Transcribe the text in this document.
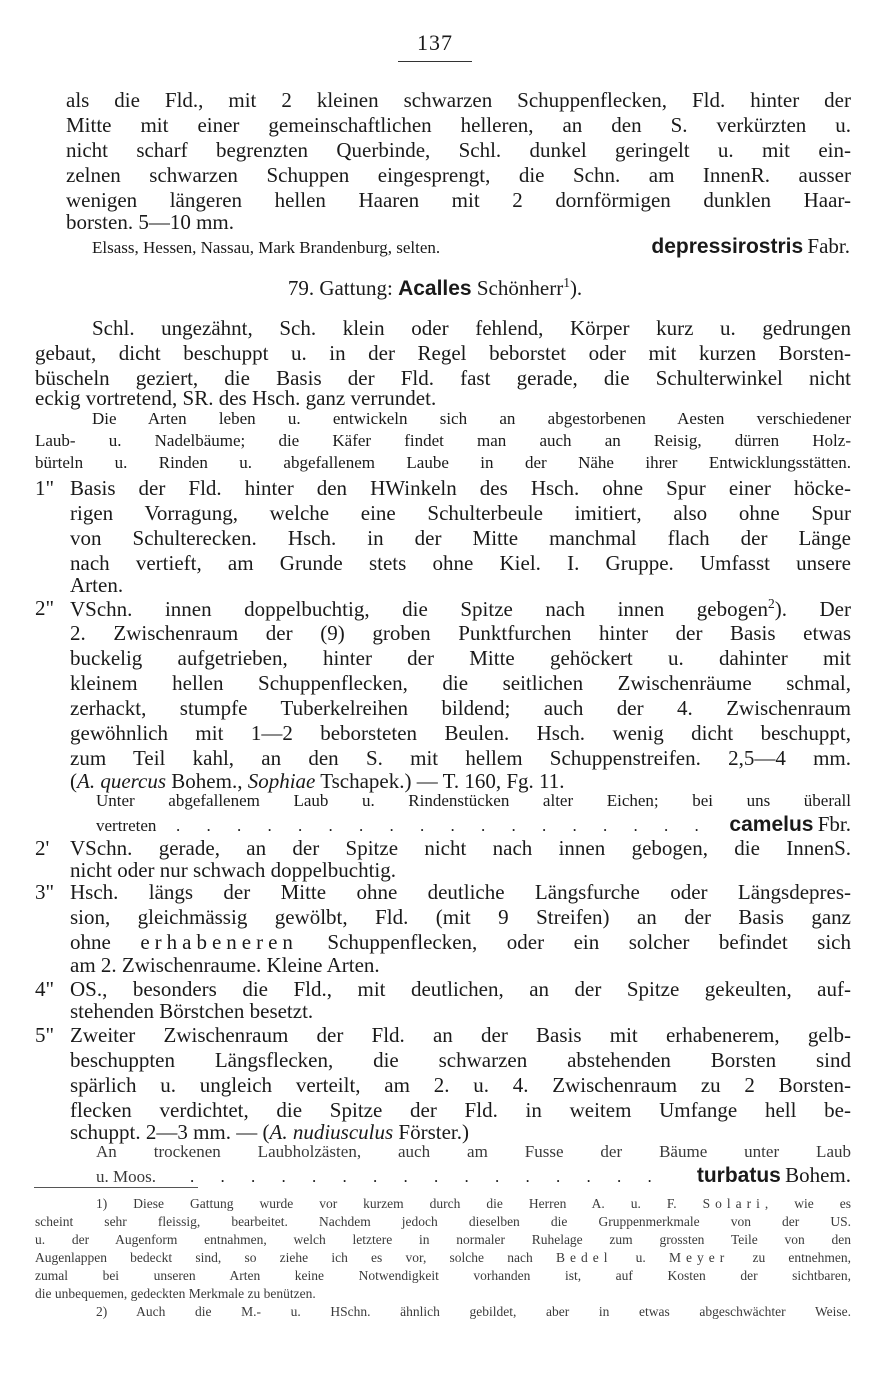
137
als die Fld., mit 2 kleinen schwarzen Schuppenflecken, Fld. hinter der
Mitte mit einer gemeinschaftlichen helleren, an den S. verkürzten u.
nicht scharf begrenzten Querbinde, Schl. dunkel geringelt u. mit ein-
zelnen schwarzen Schuppen eingesprengt, die Schn. am InnenR. ausser
wenigen längeren hellen Haaren mit 2 dornförmigen dunklen Haar-
borsten. 5—10 mm.
Elsass, Hessen, Nassau, Mark Brandenburg, selten.	depressirostris
Fabr.
79. Gattung: Acalles Schönherr$^1$).
Schl. ungezähnt, Sch. klein oder fehlend, Körper kurz u. gedrungen
gebaut, dicht beschuppt u. in der Regel beborstet oder mit kurzen Borsten-
büscheln geziert, die Basis der Fld. fast gerade, die Schulterwinkel nicht
eckig vortretend, SR. des Hsch. ganz verrundet.
Die Arten leben u. entwickeln sich an abgestorbenen Aesten verschiedener
Laub- u. Nadelbäume; die Käfer findet man auch an Reisig, dürren Holz-
bürteln u. Rinden u. abgefallenem Laube in der Nähe ihrer Entwicklungsstätten.
1" Basis der Fld. hinter den HWinkeln des Hsch. ohne Spur einer höcke-
rigen Vorragung, welche eine Schulterbeule imitiert, also ohne Spur
von Schulterecken. Hsch. in der Mitte manchmal flach der Länge
nach vertieft, am Grunde stets ohne Kiel. I. Gruppe. Umfasst unsere
Arten.
2" VSchn. innen doppelbuchtig, die Spitze nach innen gebogen$^2$). Der
2. Zwischenraum der (9) groben Punktfurchen hinter der Basis etwas
buckelig aufgetrieben, hinter der Mitte gehöckert u. dahinter mit
kleinem hellen Schuppenflecken, die seitlichen Zwischenräume schmal,
zerhackt, stumpfe Tuberkelreihen bildend; auch der 4. Zwischenraum
gewöhnlich mit 1—2 beborsteten Beulen. Hsch. wenig dicht beschuppt,
zum Teil kahl, an den S. mit hellem Schuppenstreifen. 2,5—4 mm.
(A. quercus Bohem., Sophiae Tschapek.) — T. 160, Fg. 11.
Unter abgefallenem Laub u. Rindenstücken alter Eichen; bei uns überall
vertreten	. . . . . . . . . . . . . . . . . . camelus
Fbr.
2' VSchn. gerade, an der Spitze nicht nach innen gebogen, die InnenS.
nicht oder nur schwach doppelbuchtig.
3" Hsch. längs der Mitte ohne deutliche Längsfurche oder Längsdepres-
sion, gleichmässig gewölbt, Fld. (mit 9 Streifen) an der Basis ganz
ohne erhabeneren Schuppenflecken, oder ein solcher befindet sich
am 2. Zwischenraume. Kleine Arten.
4" OS., besonders die Fld., mit deutlichen, an der Spitze gekeulten, auf-
stehenden Börstchen besetzt.
5" Zweiter Zwischenraum der Fld. an der Basis mit erhabenerem, gelb-
beschuppten Längsflecken, die schwarzen abstehenden Borsten sind
spärlich u. ungleich verteilt, am 2. u. 4. Zwischenraum zu 2 Borsten-
flecken verdichtet, die Spitze der Fld. in weitem Umfange hell be-
schuppt. 2—3 mm. — (A. nudiusculus Förster.)
An trockenen Laubholzästen, auch am Fusse der Bäume unter Laub
u. Moos.	. . . . . . . . . . . . . . . .	turbatus
Bohem.
1) Diese Gattung wurde vor kurzem durch die Herren A. u. F. Solari, wie es
scheint sehr fleissig, bearbeitet. Nachdem jedoch dieselben die Gruppenmerkmale von der US.
u. der Augenform entnahmen, welch letztere in normaler Ruhelage zum grossten Teile von den
Augenlappen bedeckt sind, so ziehe ich es vor, solche nach Bedel u. Meyer zu entnehmen,
zumal bei unseren Arten keine Notwendigkeit vorhanden ist, auf Kosten der sichtbaren,
die unbequemen, gedeckten Merkmale zu benützen.
2) Auch die M.- u. HSchn. ähnlich gebildet, aber in etwas abgeschwächter Weise.
